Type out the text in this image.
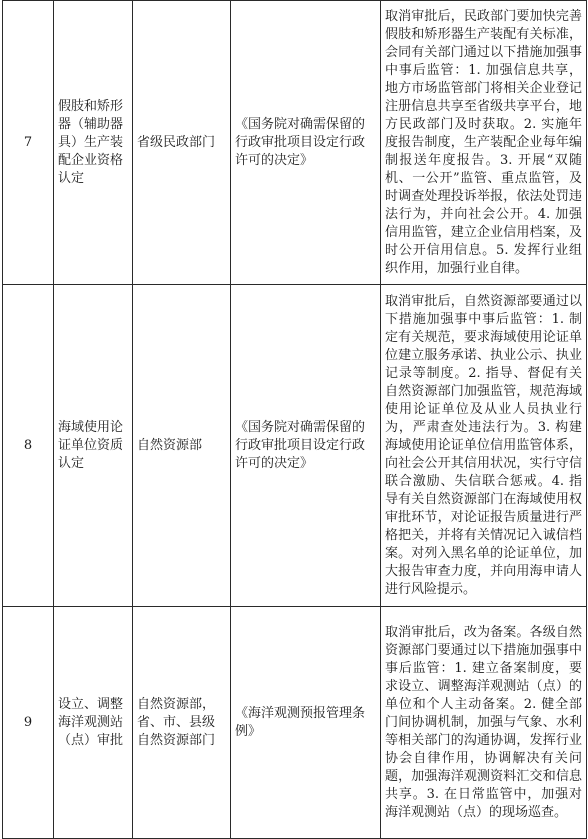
7	假肢和矫形器（辅助器具）生产装配企业资格认定	省级民政部门	《国务院对确需保留的行政审批项目设定行政许可的决定》	取消审批后，民政部门要加快完善假肢和矫形器生产装配有关标准，会同有关部门通过以下措施加强事中事后监管：1. 加强信息共享，地方市场监管部门将相关企业登记注册信息共享至省级共享平台，地方民政部门及时获取。2. 实施年度报告制度，生产装配企业每年编制报送年度报告。3. 开展“双随机、一公开”监管、重点监管，及时调查处理投诉举报，依法处罚违法行为，并向社会公开。4. 加强信用监管，建立企业信用档案，及时公开信用信息。5. 发挥行业组织作用，加强行业自律。
8	海域使用论证单位资质认定	自然资源部	《国务院对确需保留的行政审批项目设定行政许可的决定》	取消审批后，自然资源部要通过以下措施加强事中事后监管：1. 制定有关规范，要求海域使用论证单位建立服务承诺、执业公示、执业记录等制度。2. 指导、督促有关自然资源部门加强监管，规范海域使用论证单位及从业人员执业行为，严肃查处违法行为。3. 构建海域使用论证单位信用监管体系，向社会公开其信用状况，实行守信联合激励、失信联合惩戒。4. 指导有关自然资源部门在海域使用权审批环节，对论证报告质量进行严格把关，并将有关情况记入诚信档案。对列入黑名单的论证单位，加大报告审查力度，并向用海申请人进行风险提示。
9	设立、调整海洋观测站（点）审批	自然资源部，省、市、县级自然资源部门	《海洋观测预报管理条例》	取消审批后，改为备案。各级自然资源部门要通过以下措施加强事中事后监管：1. 建立备案制度，要求设立、调整海洋观测站（点）的单位和个人主动备案。2. 健全部门间协调机制，加强与气象、水利等相关部门的沟通协调，发挥行业协会自律作用，协调解决有关问题，加强海洋观测资料汇交和信息共享。3. 在日常监管中，加强对海洋观测站（点）的现场巡查。
